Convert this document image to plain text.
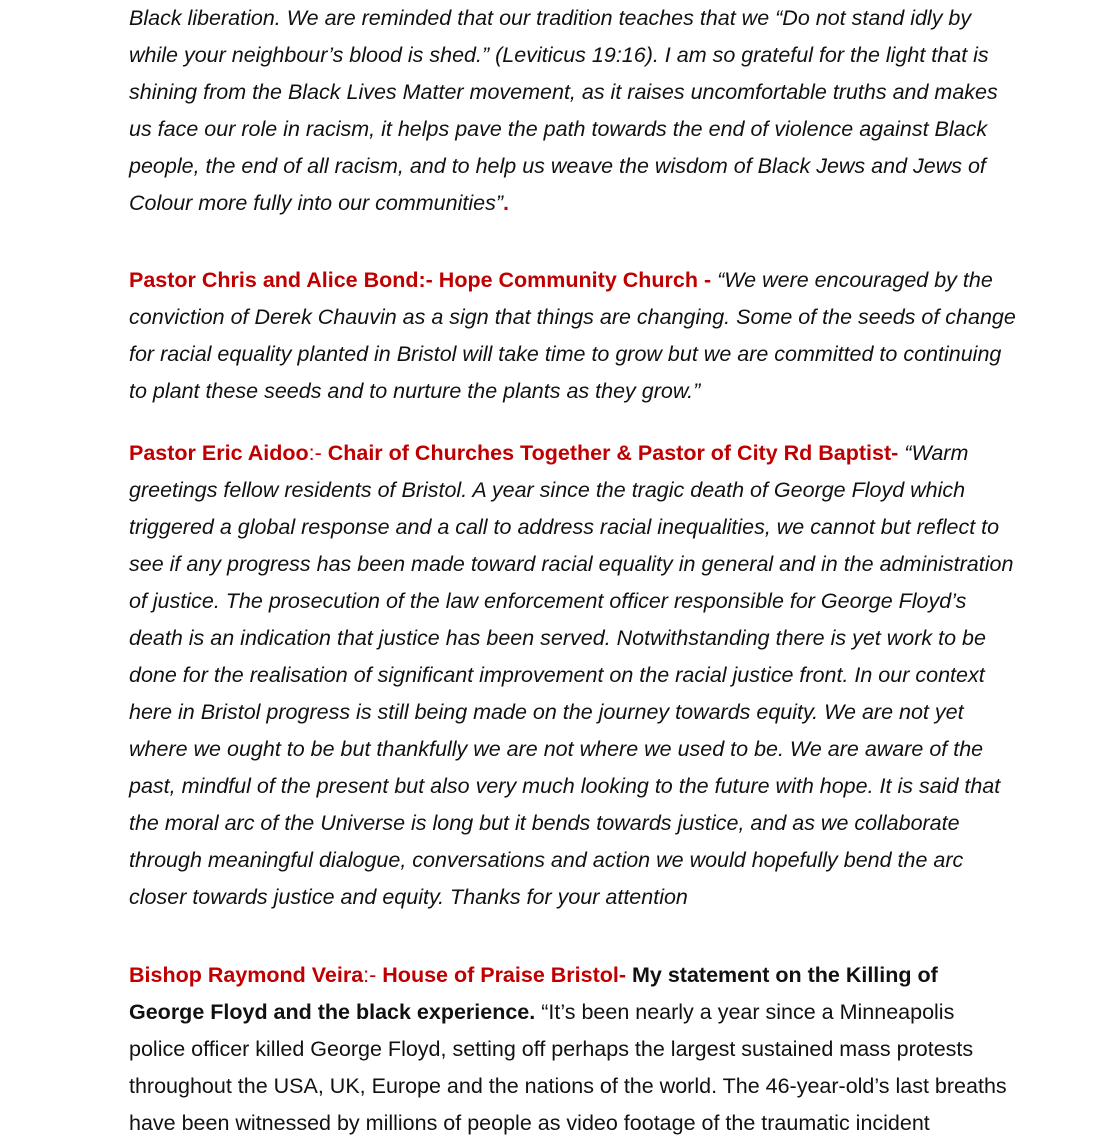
Black liberation. We are reminded that our tradition teaches that we “Do not stand idly by
while your neighbour’s blood is shed.” (Leviticus 19:16). I am so grateful for the light that is
shining from the Black Lives Matter movement, as it raises uncomfortable truths and makes
us face our role in racism, it helps pave the path towards the end of violence against Black
people, the end of all racism, and to help us weave the wisdom of Black Jews and Jews of
Colour more fully into our communities”.
Pastor Chris and Alice Bond:- Hope Community Church - “We were encouraged by the
conviction of Derek Chauvin as a sign that things are changing. Some of the seeds of change
for racial equality planted in Bristol will take time to grow but we are committed to continuing
to plant these seeds and to nurture the plants as they grow.”
Pastor Eric Aidoo:- Chair of Churches Together & Pastor of City Rd Baptist- “Warm
greetings fellow residents of Bristol. A year since the tragic death of George Floyd which
triggered a global response and a call to address racial inequalities, we cannot but reflect to
see if any progress has been made toward racial equality in general and in the administration
of justice. The prosecution of the law enforcement officer responsible for George Floyd’s
death is an indication that justice has been served. Notwithstanding there is yet work to be
done for the realisation of significant improvement on the racial justice front. In our context
here in Bristol progress is still being made on the journey towards equity. We are not yet
where we ought to be but thankfully we are not where we used to be. We are aware of the
past, mindful of the present but also very much looking to the future with hope. It is said that
the moral arc of the Universe is long but it bends towards justice, and as we collaborate
through meaningful dialogue, conversations and action we would hopefully bend the arc
closer towards justice and equity. Thanks for your attention
Bishop Raymond Veira:- House of Praise Bristol- My statement on the Killing of
George Floyd and the black experience. “It’s been nearly a year since a Minneapolis
police officer killed George Floyd, setting off perhaps the largest sustained mass protests
throughout the USA, UK, Europe and the nations of the world. The 46-year-old’s last breaths
have been witnessed by millions of people as video footage of the traumatic incident
